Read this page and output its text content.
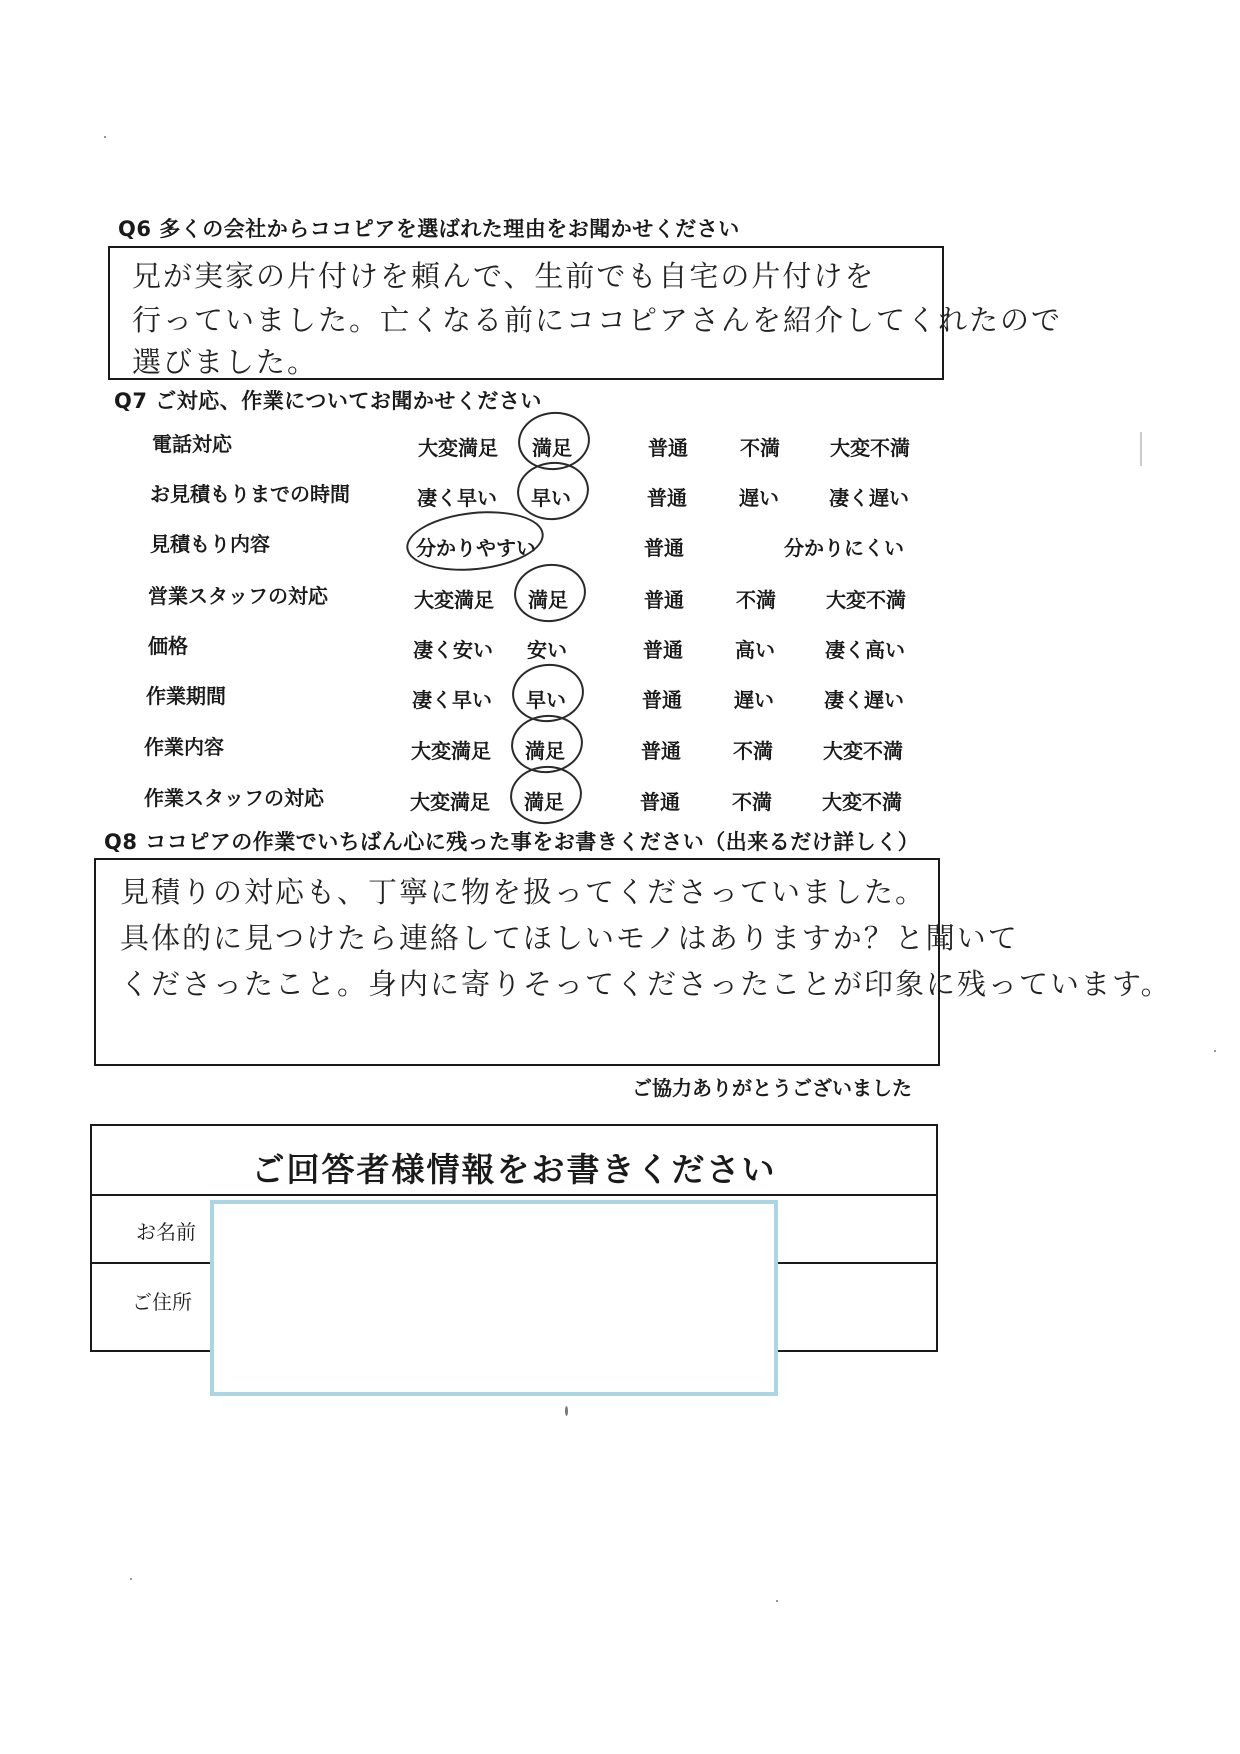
Q6 多くの会社からココピアを選ばれた理由をお聞かせください
兄が実家の片付けを頼んで、生前でも自宅の片付けを
行っていました。亡くなる前にココピアさんを紹介してくれたので
選びました。
Q7 ご対応、作業についてお聞かせください
電話対応	大変満足 満足	普通	不満	大変不満
お見積もりまでの時間	凄く早い 早い	普通	遅い	凄く遅い
見積もり内容	分かりやすい	普通	分かりにくい
営業スタッフの対応	大変満足 満足	普通	不満	大変不満
価格	凄く安い 安い	普通	高い	凄く高い
作業期間	凄く早い 早い	普通	遅い	凄く遅い
作業内容	大変満足 満足	普通	不満	大変不満
作業スタッフの対応	大変満足 満足	普通	不満	大変不満
Q8 ココピアの作業でいちばん心に残った事をお書きください（出来るだけ詳しく）
見積りの対応も、丁寧に物を扱ってくださっていました。
具体的に見つけたら連絡してほしいモノはありますか？と聞いて
くださったこと。身内に寄りそってくださったことが印象に残っています。
ご協力ありがとうございました
ご回答者様情報をお書きください
お名前
ご住所
